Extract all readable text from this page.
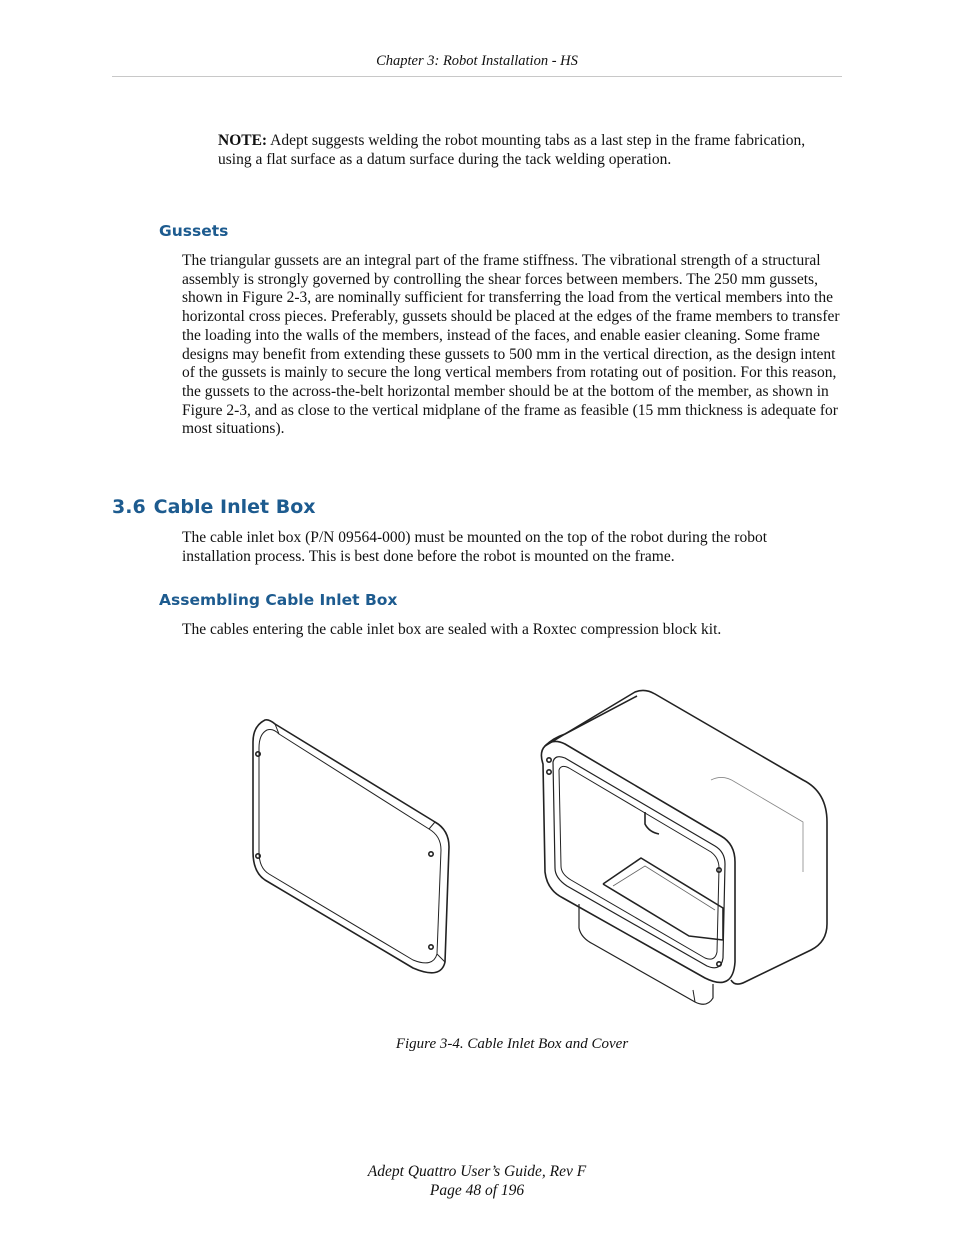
Chapter 3: Robot Installation - HS
NOTE: Adept suggests welding the robot mounting tabs as a last step in the frame fabrication, using a flat surface as a datum surface during the tack welding operation.
Gussets
The triangular gussets are an integral part of the frame stiffness. The vibrational strength of a structural assembly is strongly governed by controlling the shear forces between members. The 250 mm gussets, shown in Figure 2-3, are nominally sufficient for transferring the load from the vertical members into the horizontal cross pieces. Preferably, gussets should be placed at the edges of the frame members to transfer the loading into the walls of the members, instead of the faces, and enable easier cleaning. Some frame designs may benefit from extending these gussets to 500 mm in the vertical direction, as the design intent of the gussets is mainly to secure the long vertical members from rotating out of position. For this reason, the gussets to the across-the-belt horizontal member should be at the bottom of the member, as shown in Figure 2-3, and as close to the vertical midplane of the frame as feasible (15 mm thickness is adequate for most situations).
3.6 Cable Inlet Box
The cable inlet box (P/N 09564-000) must be mounted on the top of the robot during the robot installation process. This is best done before the robot is mounted on the frame.
Assembling Cable Inlet Box
The cables entering the cable inlet box are sealed with a Roxtec compression block kit.
Figure 3-4. Cable Inlet Box and Cover
Adept Quattro User’s Guide, Rev F
Page 48 of 196
